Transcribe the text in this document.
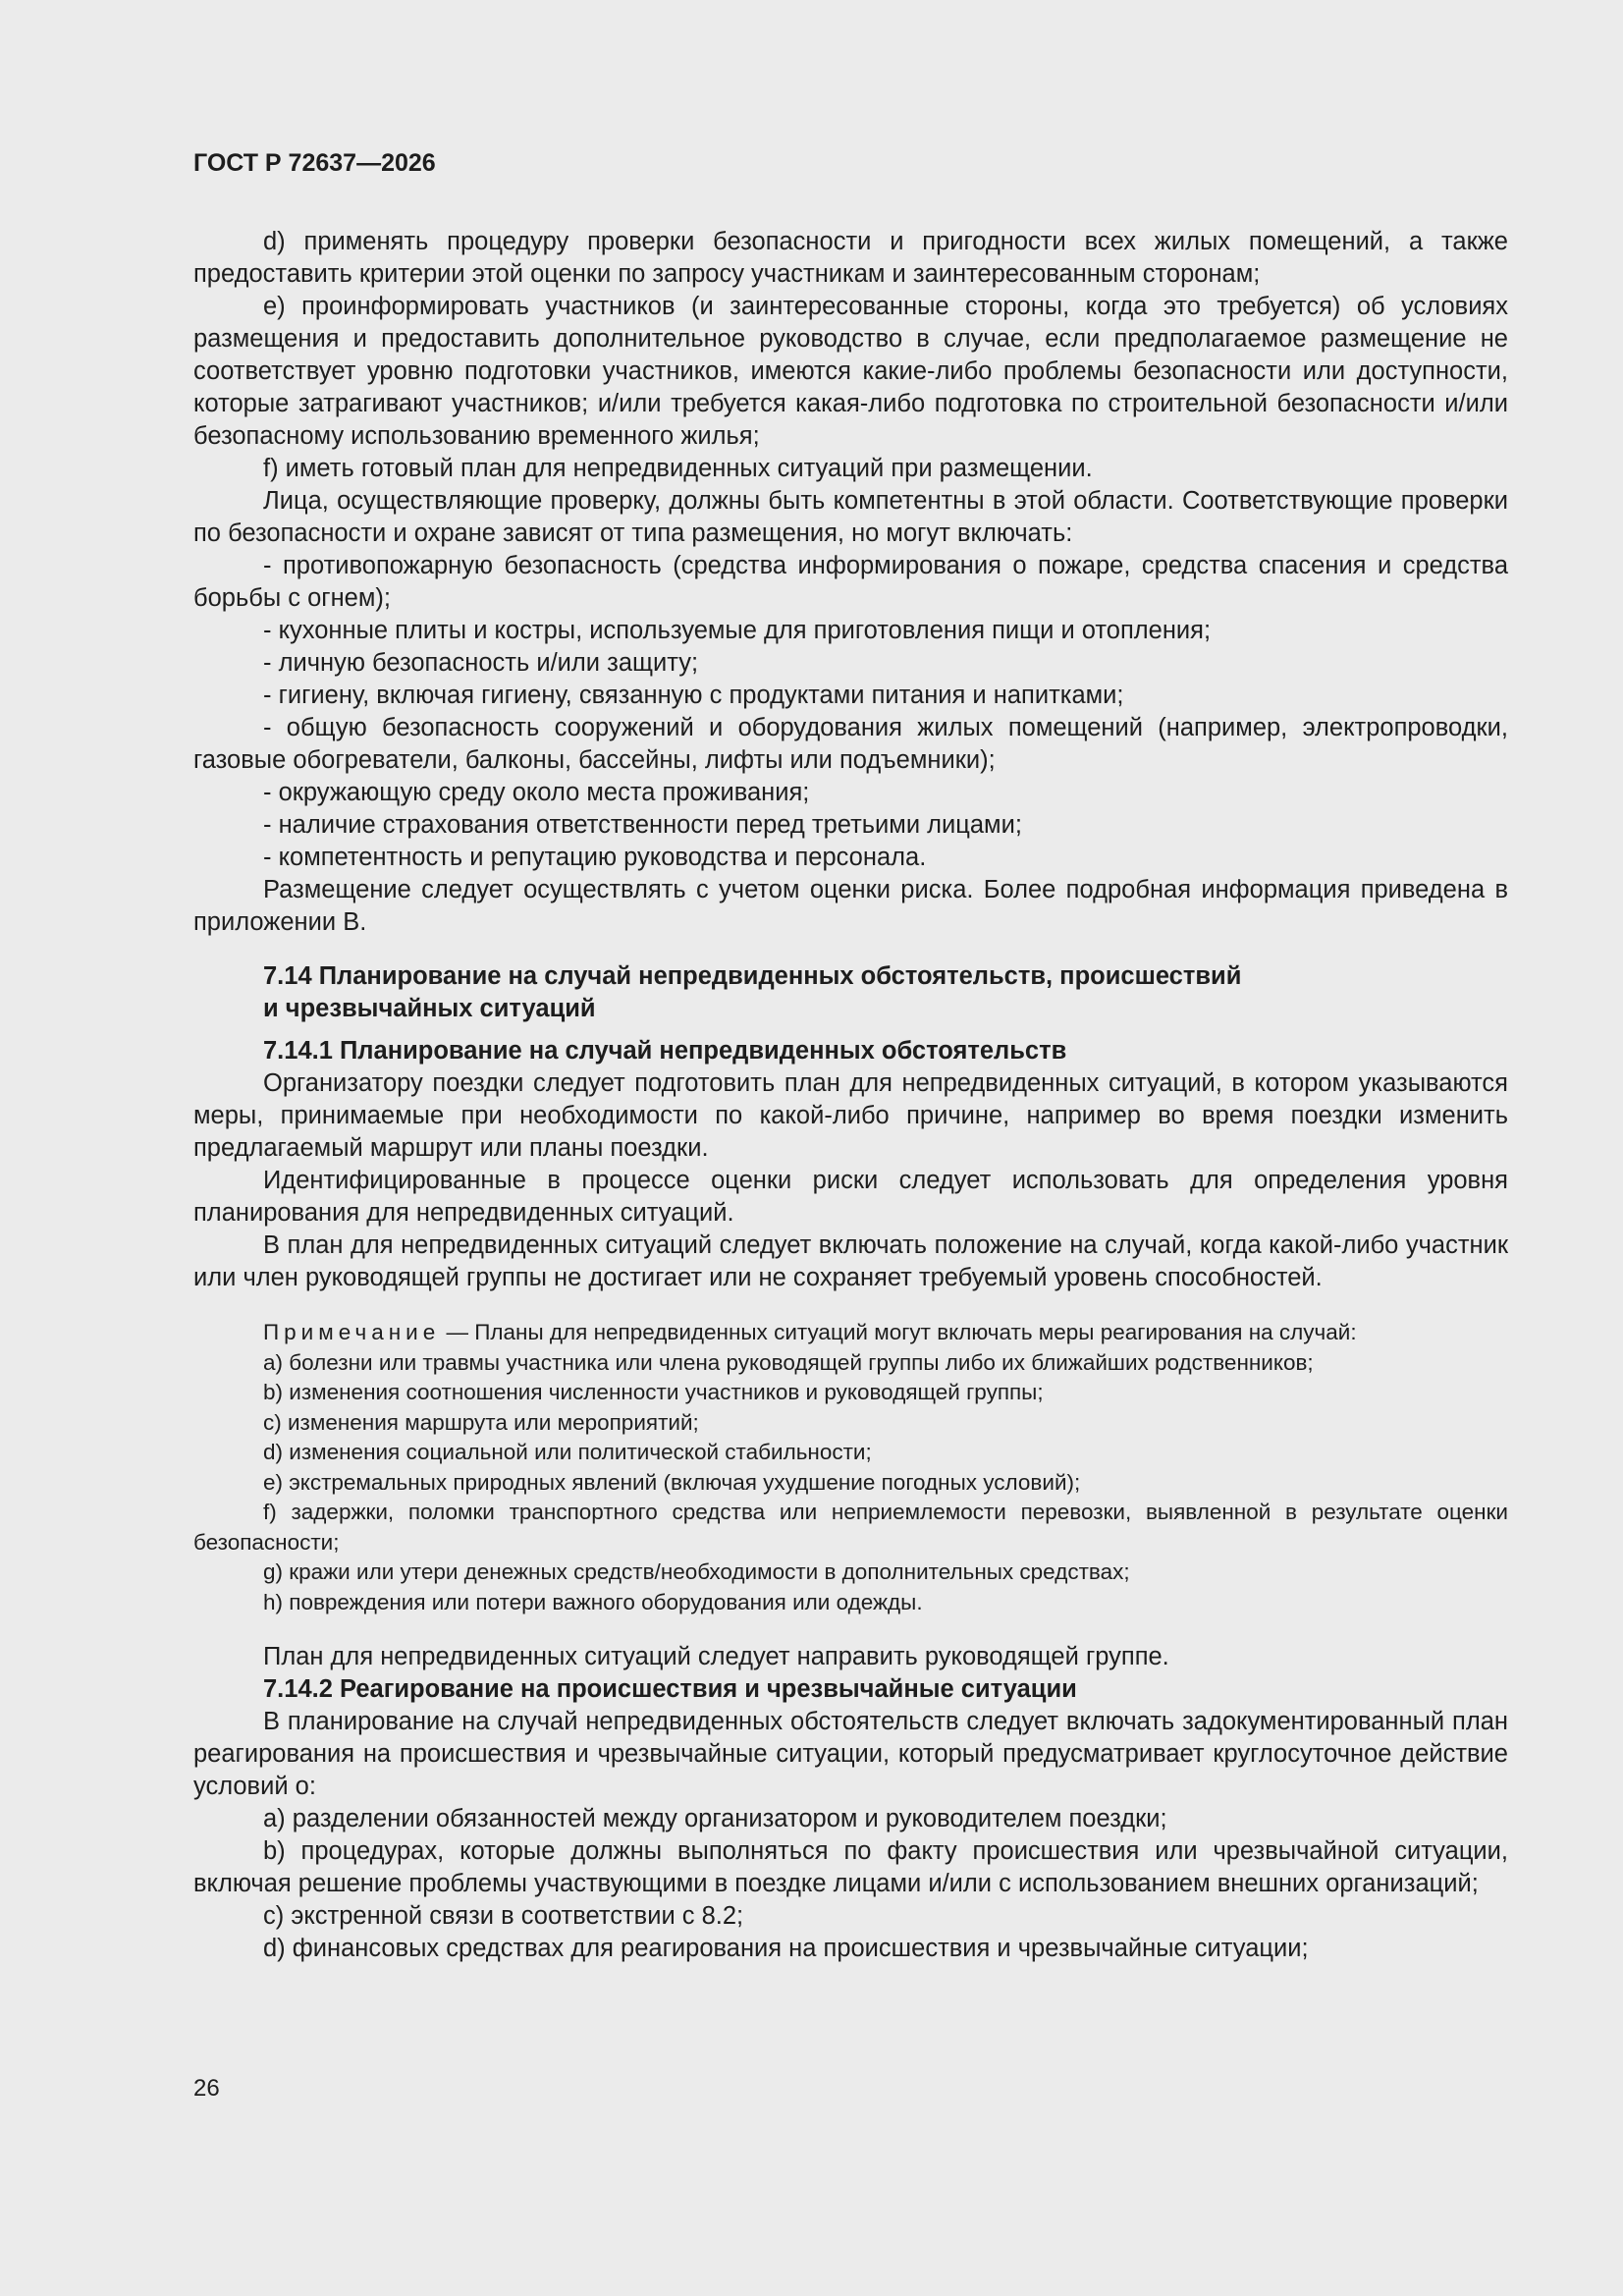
ГОСТ Р 72637—2026

d) применять процедуру проверки безопасности и пригодности всех жилых помещений, а также предоставить критерии этой оценки по запросу участникам и заинтересованным сторонам;

e) проинформировать участников (и заинтересованные стороны, когда это требуется) об условиях размещения и предоставить дополнительное руководство в случае, если предполагаемое размещение не соответствует уровню подготовки участников, имеются какие-либо проблемы безопасности или доступности, которые затрагивают участников; и/или требуется какая-либо подготовка по строительной безопасности и/или безопасному использованию временного жилья;

f) иметь готовый план для непредвиденных ситуаций при размещении.

Лица, осуществляющие проверку, должны быть компетентны в этой области. Соответствующие проверки по безопасности и охране зависят от типа размещения, но могут включать:

- противопожарную безопасность (средства информирования о пожаре, средства спасения и средства борьбы с огнем);

- кухонные плиты и костры, используемые для приготовления пищи и отопления;

- личную безопасность и/или защиту;

- гигиену, включая гигиену, связанную с продуктами питания и напитками;

- общую безопасность сооружений и оборудования жилых помещений (например, электропроводки, газовые обогреватели, балконы, бассейны, лифты или подъемники);

- окружающую среду около места проживания;

- наличие страхования ответственности перед третьими лицами;

- компетентность и репутацию руководства и персонала.

Размещение следует осуществлять с учетом оценки риска. Более подробная информация приведена в приложении В.

7.14 Планирование на случай непредвиденных обстоятельств, происшествий
и чрезвычайных ситуаций
7.14.1 Планирование на случай непредвиденных обстоятельств

Организатору поездки следует подготовить план для непредвиденных ситуаций, в котором указываются меры, принимаемые при необходимости по какой-либо причине, например во время поездки изменить предлагаемый маршрут или планы поездки.

Идентифицированные в процессе оценки риски следует использовать для определения уровня планирования для непредвиденных ситуаций.

В план для непредвиденных ситуаций следует включать положение на случай, когда какой-либо участник или член руководящей группы не достигает или не сохраняет требуемый уровень способностей.

Примечание — Планы для непредвиденных ситуаций могут включать меры реагирования на случай:

a) болезни или травмы участника или члена руководящей группы либо их ближайших родственников;

b) изменения соотношения численности участников и руководящей группы;

c) изменения маршрута или мероприятий;

d) изменения социальной или политической стабильности;

e) экстремальных природных явлений (включая ухудшение погодных условий);

f) задержки, поломки транспортного средства или неприемлемости перевозки, выявленной в результате оценки безопасности;

g) кражи или утери денежных средств/необходимости в дополнительных средствах;

h) повреждения или потери важного оборудования или одежды.

План для непредвиденных ситуаций следует направить руководящей группе.

7.14.2 Реагирование на происшествия и чрезвычайные ситуации

В планирование на случай непредвиденных обстоятельств следует включать задокументированный план реагирования на происшествия и чрезвычайные ситуации, который предусматривает круглосуточное действие условий о:

a) разделении обязанностей между организатором и руководителем поездки;

b) процедурах, которые должны выполняться по факту происшествия или чрезвычайной ситуации, включая решение проблемы участвующими в поездке лицами и/или с использованием внешних организаций;

c) экстренной связи в соответствии с 8.2;

d) финансовых средствах для реагирования на происшествия и чрезвычайные ситуации;

26
